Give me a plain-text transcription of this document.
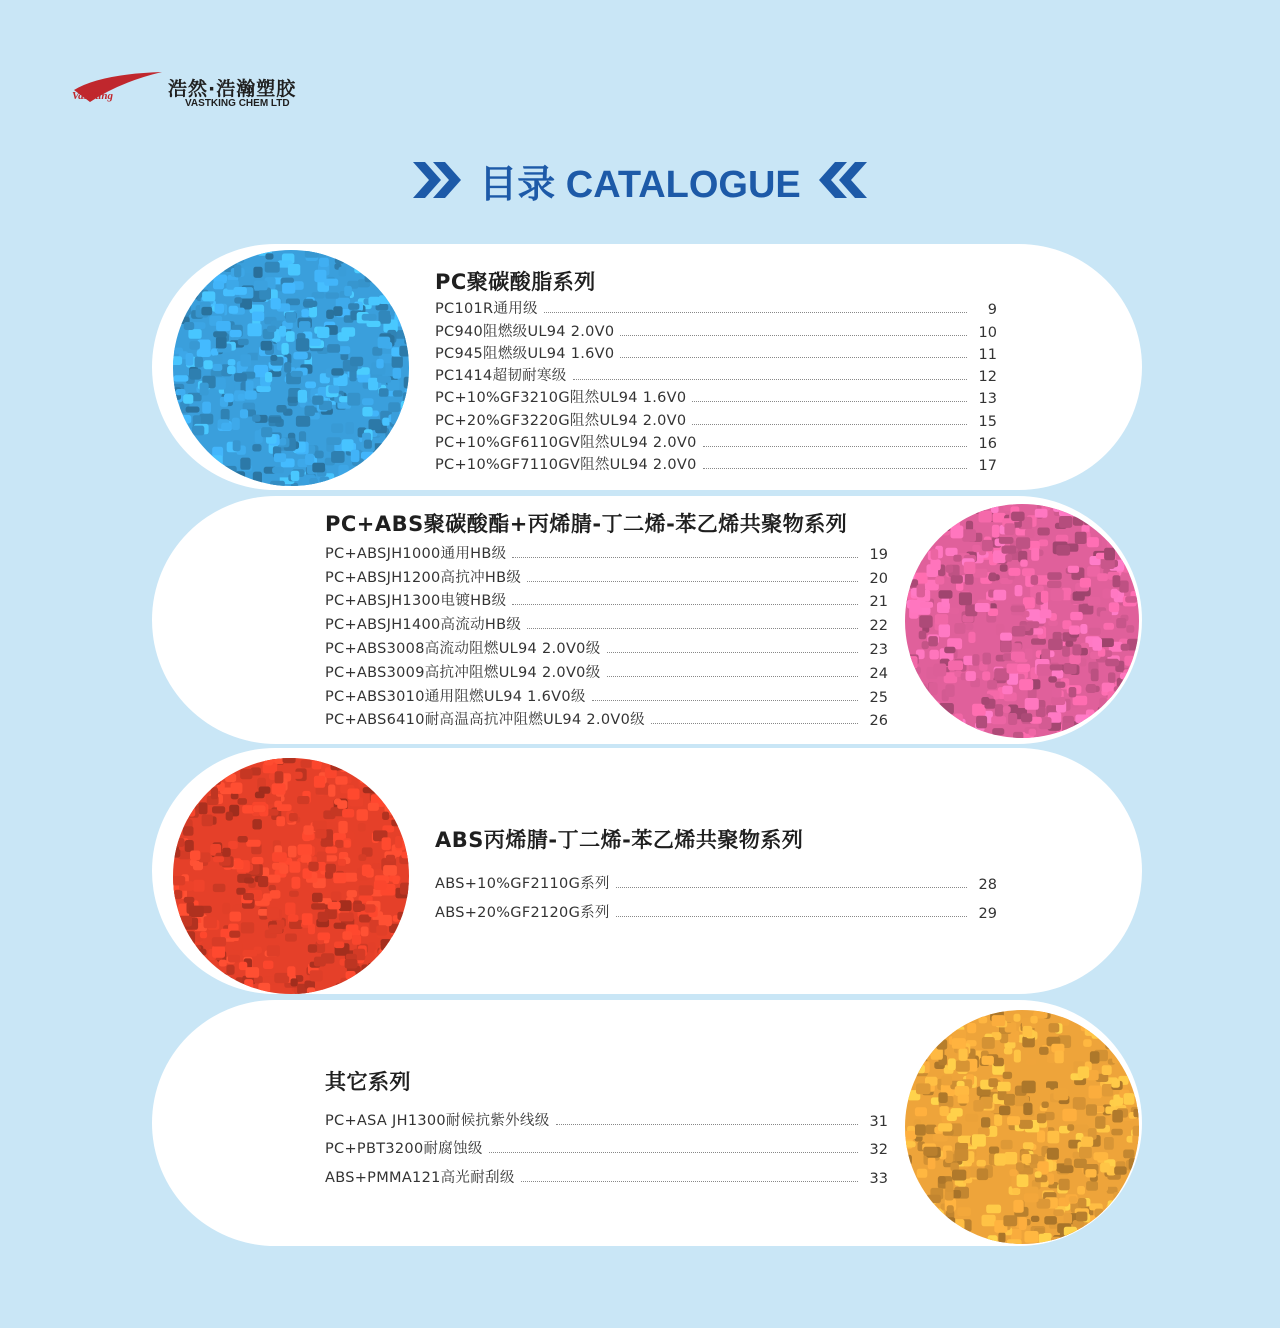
VastKing	浩然·浩瀚塑胶
VASTKING CHEM LTD
目录 CATALOGUE
PC聚碳酸脂系列
PC101R通用级	9
PC940阻燃级UL94 2.0V0	10
PC945阻燃级UL94 1.6V0	11
PC1414超韧耐寒级	12
PC+10%GF3210G阻然UL94 1.6V0	13
PC+20%GF3220G阻然UL94 2.0V0	15
PC+10%GF6110GV阻然UL94 2.0V0	16
PC+10%GF7110GV阻然UL94 2.0V0	17
PC+ABS聚碳酸酯+丙烯腈-丁二烯-苯乙烯共聚物系列
PC+ABSJH1000通用HB级	19
PC+ABSJH1200高抗冲HB级	20
PC+ABSJH1300电镀HB级	21
PC+ABSJH1400高流动HB级	22
PC+ABS3008高流动阻燃UL94 2.0V0级	23
PC+ABS3009高抗冲阻燃UL94 2.0V0级	24
PC+ABS3010通用阻燃UL94 1.6V0级	25
PC+ABS6410耐高温高抗冲阻燃UL94 2.0V0级	26
ABS丙烯腈-丁二烯-苯乙烯共聚物系列
ABS+10%GF2110G系列	28
ABS+20%GF2120G系列	29
其它系列
PC+ASA JH1300耐候抗紫外线级	31
PC+PBT3200耐腐蚀级	32
ABS+PMMA121高光耐刮级	33
